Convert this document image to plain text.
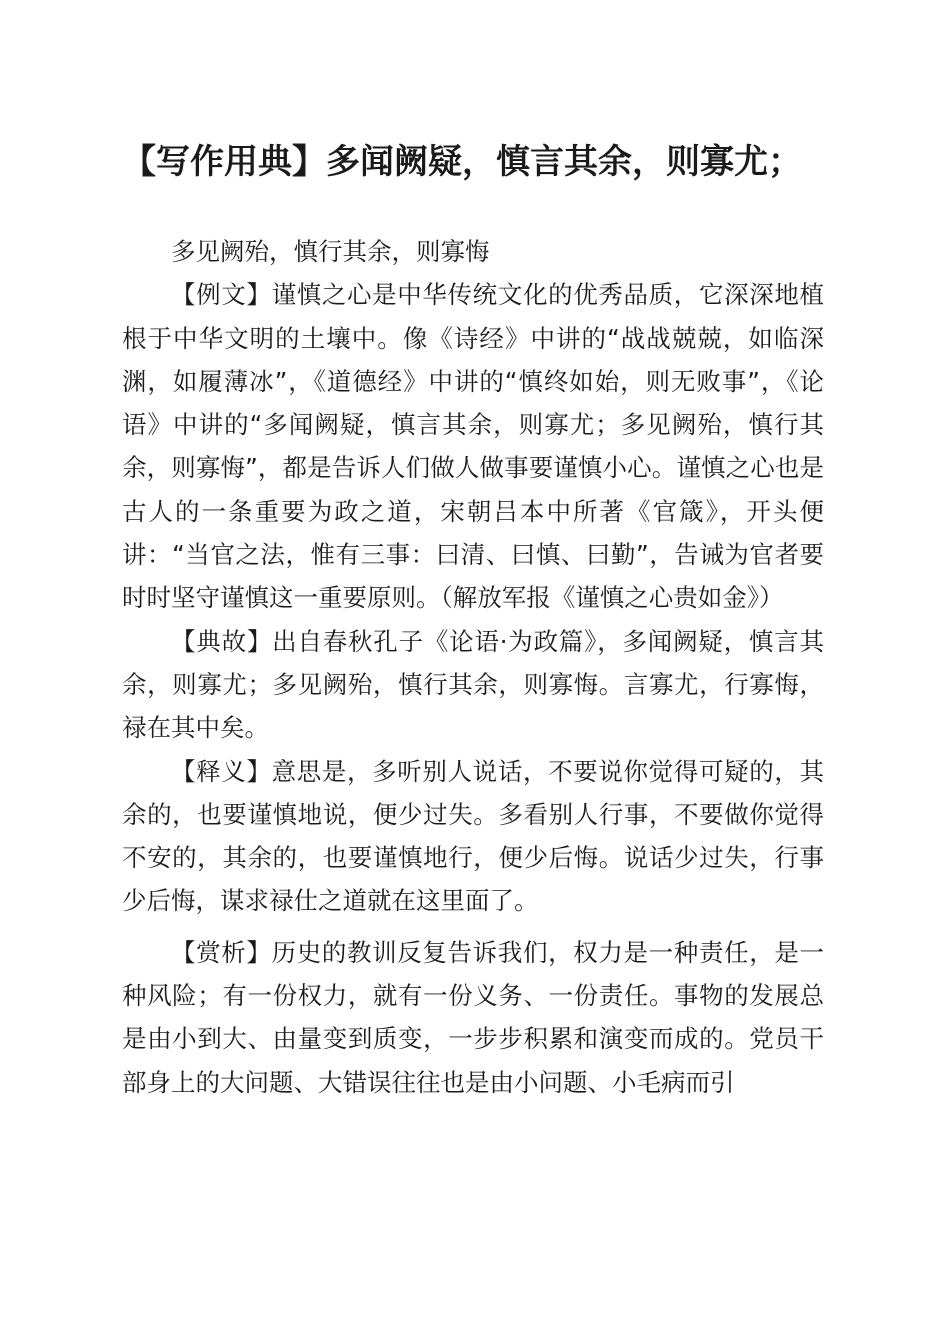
【写作用典】多闻阙疑，慎言其余，则寡尤；

多见阙殆，慎行其余，则寡悔

【例文】谨慎之心是中华传统文化的优秀品质，它深深地植根于中华文明的土壤中。像《诗经》中讲的“战战兢兢，如临深渊，如履薄冰”，《道德经》中讲的“慎终如始，则无败事”，《论语》中讲的“多闻阙疑，慎言其余，则寡尤；多见阙殆，慎行其余，则寡悔”，都是告诉人们做人做事要谨慎小心。谨慎之心也是古人的一条重要为政之道，宋朝吕本中所著《官箴》，开头便讲：“当官之法，惟有三事：曰清、曰慎、曰勤”，告诫为官者要时时坚守谨慎这一重要原则。（解放军报《谨慎之心贵如金》）

【典故】出自春秋孔子《论语·为政篇》，多闻阙疑，慎言其余，则寡尤；多见阙殆，慎行其余，则寡悔。言寡尤，行寡悔，禄在其中矣。

【释义】意思是，多听别人说话，不要说你觉得可疑的，其余的，也要谨慎地说，便少过失。多看别人行事，不要做你觉得不安的，其余的，也要谨慎地行，便少后悔。说话少过失，行事少后悔，谋求禄仕之道就在这里面了。

【赏析】历史的教训反复告诉我们，权力是一种责任，是一种风险；有一份权力，就有一份义务、一份责任。事物的发展总是由小到大、由量变到质变，一步步积累和演变而成的。党员干部身上的大问题、大错误往往也是由小问题、小毛病而引
